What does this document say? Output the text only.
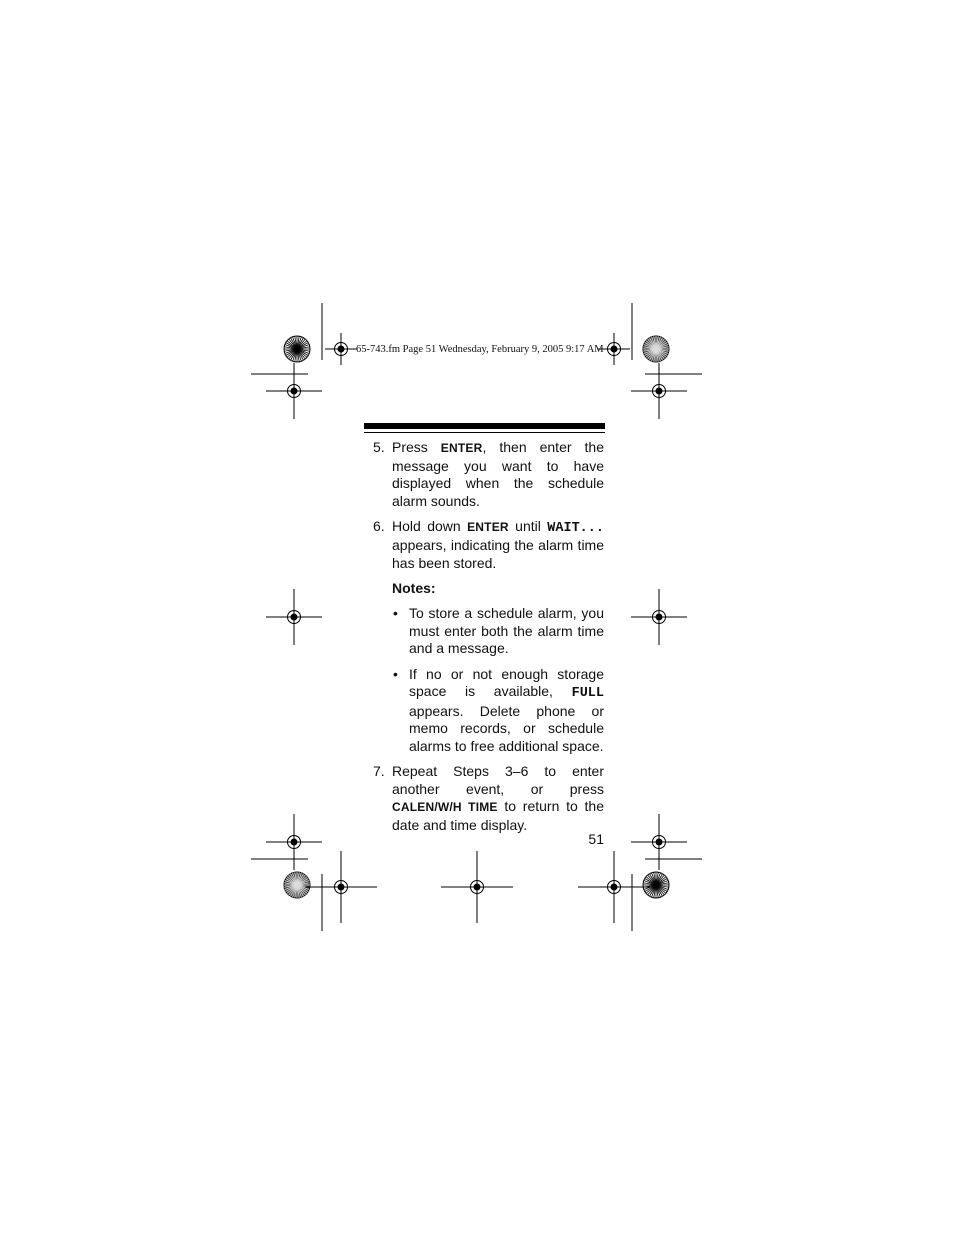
65-743.fm Page 51 Wednesday, February 9, 2005 9:17 AM
5. Press ENTER, then enter the message you want to have displayed when the schedule alarm sounds.
6. Hold down ENTER until WAIT... appears, indicating the alarm time has been stored.
Notes:
• To store a schedule alarm, you must enter both the alarm time and a message.
• If no or not enough storage space is available, FULL appears. Delete phone or memo records, or schedule alarms to free additional space.
7. Repeat Steps 3–6 to enter another event, or press CALEN/W/H TIME to return to the date and time display.
51
